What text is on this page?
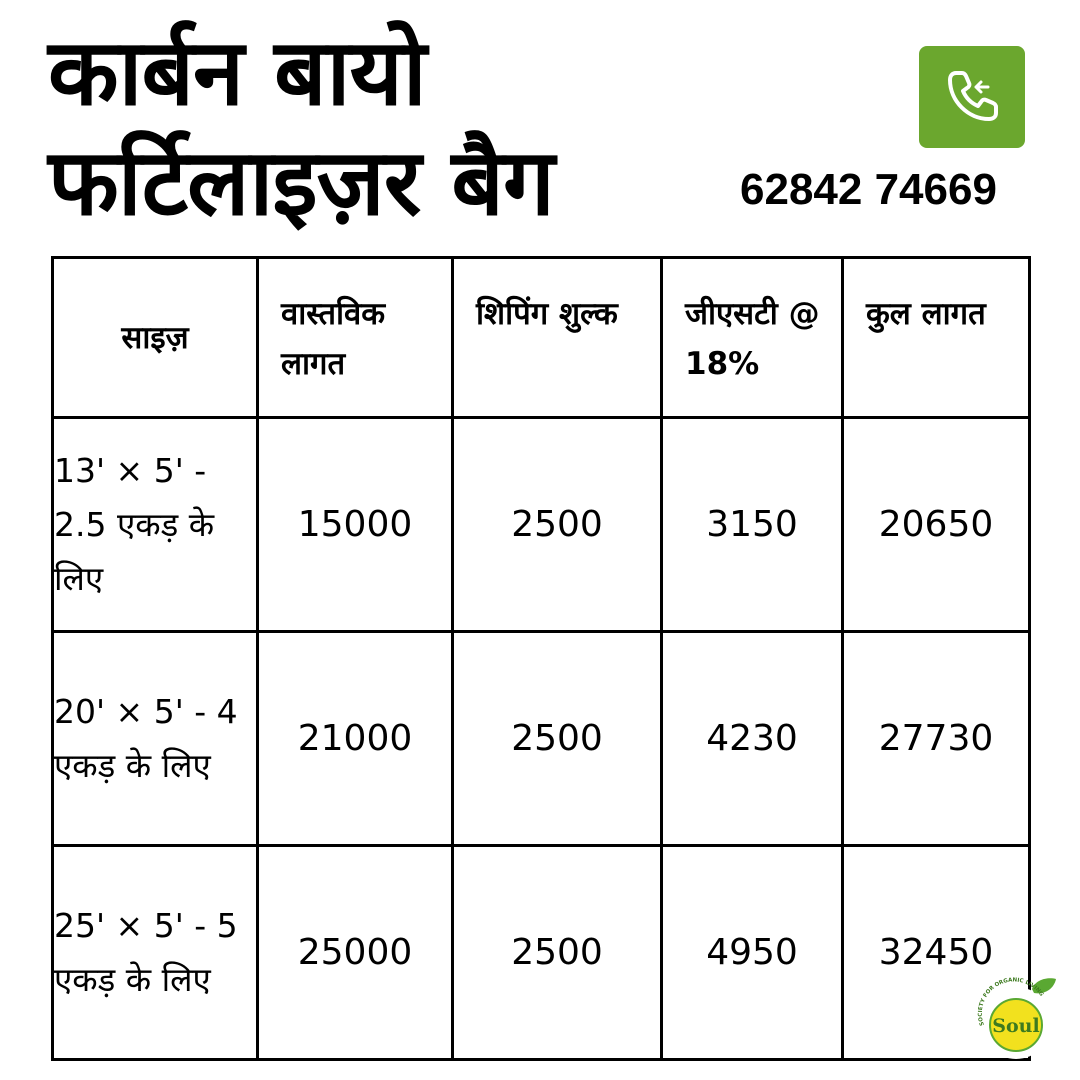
कार्बन बायो
फर्टिलाइज़र बैग	62842 74669
साइज़	वास्तविक लागत	शिपिंग शुल्क	जीएसटी @ 18%	कुल लागत
13' × 5' - 2.5 एकड़ के लिए	15000	2500	3150	20650
20' × 5' - 4 एकड़ के लिए	21000	2500	4230	27730
25' × 5' - 5 एकड़ के लिए	25000	2500	4950	32450
Soul
SOCIETY FOR ORGANIC LIVING
